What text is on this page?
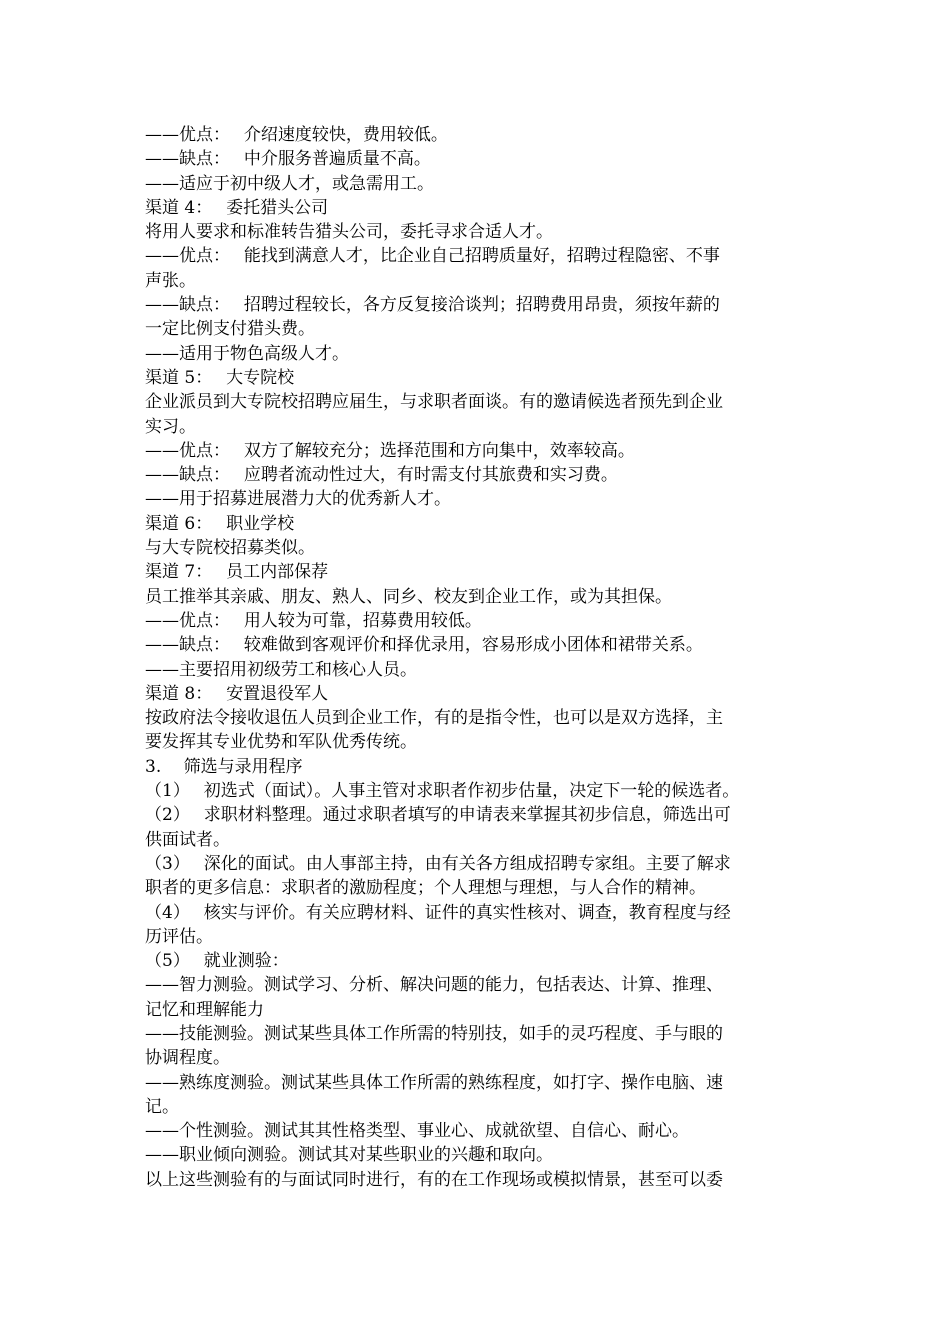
——优点：　 介绍速度较快，费用较低。
——缺点：　 中介服务普遍质量不高。
——适应于初中级人才，或急需用工。
渠道 4：　 委托猎头公司
将用人要求和标准转告猎头公司，委托寻求合适人才。
——优点：　 能找到满意人才，比企业自己招聘质量好，招聘过程隐密、不事
声张。
——缺点：　 招聘过程较长，各方反复接洽谈判；招聘费用昂贵，须按年薪的
一定比例支付猎头费。
——适用于物色高级人才。
渠道 5：　 大专院校
企业派员到大专院校招聘应届生，与求职者面谈。有的邀请候选者预先到企业
实习。
——优点：　 双方了解较充分；选择范围和方向集中，效率较高。
——缺点：　 应聘者流动性过大，有时需支付其旅费和实习费。
——用于招募进展潜力大的优秀新人才。
渠道 6：　 职业学校
与大专院校招募类似。
渠道 7：　 员工内部保荐
员工推举其亲戚、朋友、熟人、同乡、校友到企业工作，或为其担保。
——优点：　 用人较为可靠，招募费用较低。
——缺点：　 较难做到客观评价和择优录用，容易形成小团体和裙带关系。
——主要招用初级劳工和核心人员。
渠道 8：　 安置退役军人
按政府法令接收退伍人员到企业工作，有的是指令性，也可以是双方选择，主
要发挥其专业优势和军队优秀传统。
3.　 筛选与录用程序
（1）　 初选式（面试）。人事主管对求职者作初步估量，决定下一轮的候选者。
（2）　 求职材料整理。通过求职者填写的申请表来掌握其初步信息，筛选出可
供面试者。
（3）　 深化的面试。由人事部主持，由有关各方组成招聘专家组。主要了解求
职者的更多信息：求职者的激励程度；个人理想与理想，与人合作的精神。
（4）　 核实与评价。有关应聘材料、证件的真实性核对、调查，教育程度与经
历评估。
（5）　 就业测验：
——智力测验。测试学习、分析、解决问题的能力，包括表达、计算、推理、
记忆和理解能力
——技能测验。测试某些具体工作所需的特别技，如手的灵巧程度、手与眼的
协调程度。
——熟练度测验。测试某些具体工作所需的熟练程度，如打字、操作电脑、速
记。
——个性测验。测试其其性格类型、事业心、成就欲望、自信心、耐心。
——职业倾向测验。测试其对某些职业的兴趣和取向。
以上这些测验有的与面试同时进行，有的在工作现场或模拟情景，甚至可以委
